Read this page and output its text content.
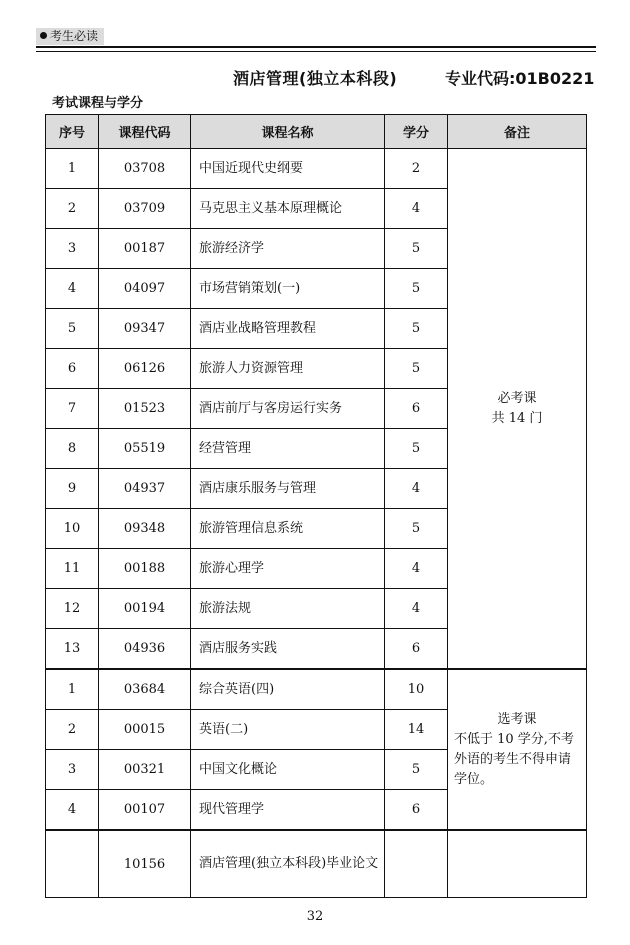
考生必读
酒店管理(独立本科段)	专业代码:01B0221
考试课程与学分
序号	课程代码	课程名称	学分	备注
1	03708	中国近现代史纲要	2	必考课
共 14 门

2	03709	马克思主义基本原理概论	4	
3	00187	旅游经济学	5	
4	04097	市场营销策划(一)	5	
5	09347	酒店业战略管理教程	5	
6	06126	旅游人力资源管理	5	
7	01523	酒店前厅与客房运行实务	6	
8	05519	经营管理	5	
9	04937	酒店康乐服务与管理	4	
10	09348	旅游管理信息系统	5	
11	00188	旅游心理学	4	
12	00194	旅游法规	4	
13	04936	酒店服务实践	6	
1	03684	综合英语(四)	10	选考课
不低于 10 学分,不考外语的考生不得申请学位。
2	00015	英语(二)	14	
3	00321	中国文化概论	5	
4	00107	现代管理学	6	
	10156	酒店管理(独立本科段)毕业论文		
32
